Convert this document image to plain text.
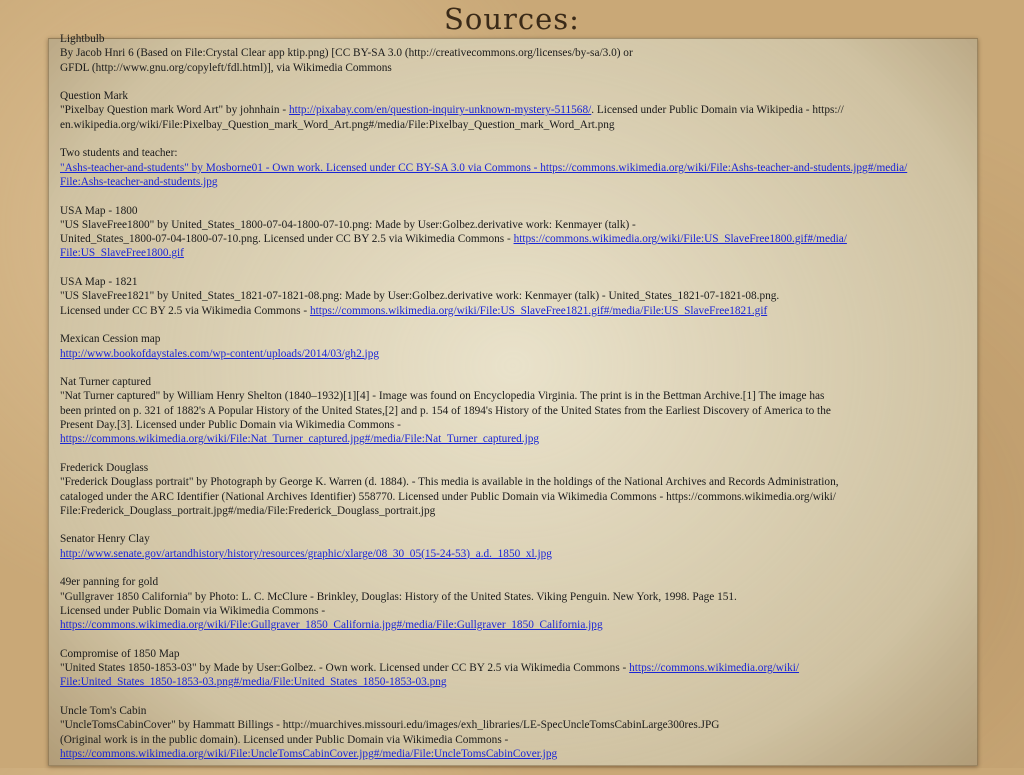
Sources:
Lightbulb
By Jacob Hnri 6 (Based on File:Crystal Clear app ktip.png) [CC BY-SA 3.0 (http://creativecommons.org/licenses/by-sa/3.0) or
GFDL (http://www.gnu.org/copyleft/fdl.html)], via Wikimedia Commons
Question Mark
"Pixelbay Question mark Word Art" by johnhain - http://pixabay.com/en/question-inquiry-unknown-mystery-511568/. Licensed under Public Domain via Wikipedia - https://
en.wikipedia.org/wiki/File:Pixelbay_Question_mark_Word_Art.png#/media/File:Pixelbay_Question_mark_Word_Art.png
Two students and teacher:
"Ashs-teacher-and-students" by Mosborne01 - Own work. Licensed under CC BY-SA 3.0 via Commons - https://commons.wikimedia.org/wiki/File:Ashs-teacher-and-students.jpg#/media/
File:Ashs-teacher-and-students.jpg
USA Map - 1800
"US SlaveFree1800" by United_States_1800-07-04-1800-07-10.png: Made by User:Golbez.derivative work: Kenmayer (talk) -
United_States_1800-07-04-1800-07-10.png. Licensed under CC BY 2.5 via Wikimedia Commons - https://commons.wikimedia.org/wiki/File:US_SlaveFree1800.gif#/media/
File:US_SlaveFree1800.gif
USA Map - 1821
"US SlaveFree1821" by United_States_1821-07-1821-08.png: Made by User:Golbez.derivative work: Kenmayer (talk) - United_States_1821-07-1821-08.png.
Licensed under CC BY 2.5 via Wikimedia Commons - https://commons.wikimedia.org/wiki/File:US_SlaveFree1821.gif#/media/File:US_SlaveFree1821.gif
Mexican Cession map
http://www.bookofdaystales.com/wp-content/uploads/2014/03/gh2.jpg
Nat Turner captured
"Nat Turner captured" by William Henry Shelton (1840–1932)[1][4] - Image was found on Encyclopedia Virginia. The print is in the Bettman Archive.[1] The image has
been printed on p. 321 of 1882's A Popular History of the United States,[2] and p. 154 of 1894's History of the United States from the Earliest Discovery of America to the
Present Day.[3]. Licensed under Public Domain via Wikimedia Commons -
https://commons.wikimedia.org/wiki/File:Nat_Turner_captured.jpg#/media/File:Nat_Turner_captured.jpg
Frederick Douglass
"Frederick Douglass portrait" by Photograph by George K. Warren (d. 1884). - This media is available in the holdings of the National Archives and Records Administration,
cataloged under the ARC Identifier (National Archives Identifier) 558770. Licensed under Public Domain via Wikimedia Commons - https://commons.wikimedia.org/wiki/
File:Frederick_Douglass_portrait.jpg#/media/File:Frederick_Douglass_portrait.jpg
Senator Henry Clay
http://www.senate.gov/artandhistory/history/resources/graphic/xlarge/08_30_05(15-24-53)_a.d._1850_xl.jpg
49er panning for gold
"Gullgraver 1850 California" by Photo: L. C. McClure - Brinkley, Douglas: History of the United States. Viking Penguin. New York, 1998. Page 151.
Licensed under Public Domain via Wikimedia Commons -
https://commons.wikimedia.org/wiki/File:Gullgraver_1850_California.jpg#/media/File:Gullgraver_1850_California.jpg
Compromise of 1850 Map
"United States 1850-1853-03" by Made by User:Golbez. - Own work. Licensed under CC BY 2.5 via Wikimedia Commons - https://commons.wikimedia.org/wiki/
File:United_States_1850-1853-03.png#/media/File:United_States_1850-1853-03.png
Uncle Tom's Cabin
"UncleTomsCabinCover" by Hammatt Billings - http://muarchives.missouri.edu/images/exh_libraries/LE-SpecUncleTomsCabinLarge300res.JPG
(Original work is in the public domain). Licensed under Public Domain via Wikimedia Commons -
https://commons.wikimedia.org/wiki/File:UncleTomsCabinCover.jpg#/media/File:UncleTomsCabinCover.jpg
